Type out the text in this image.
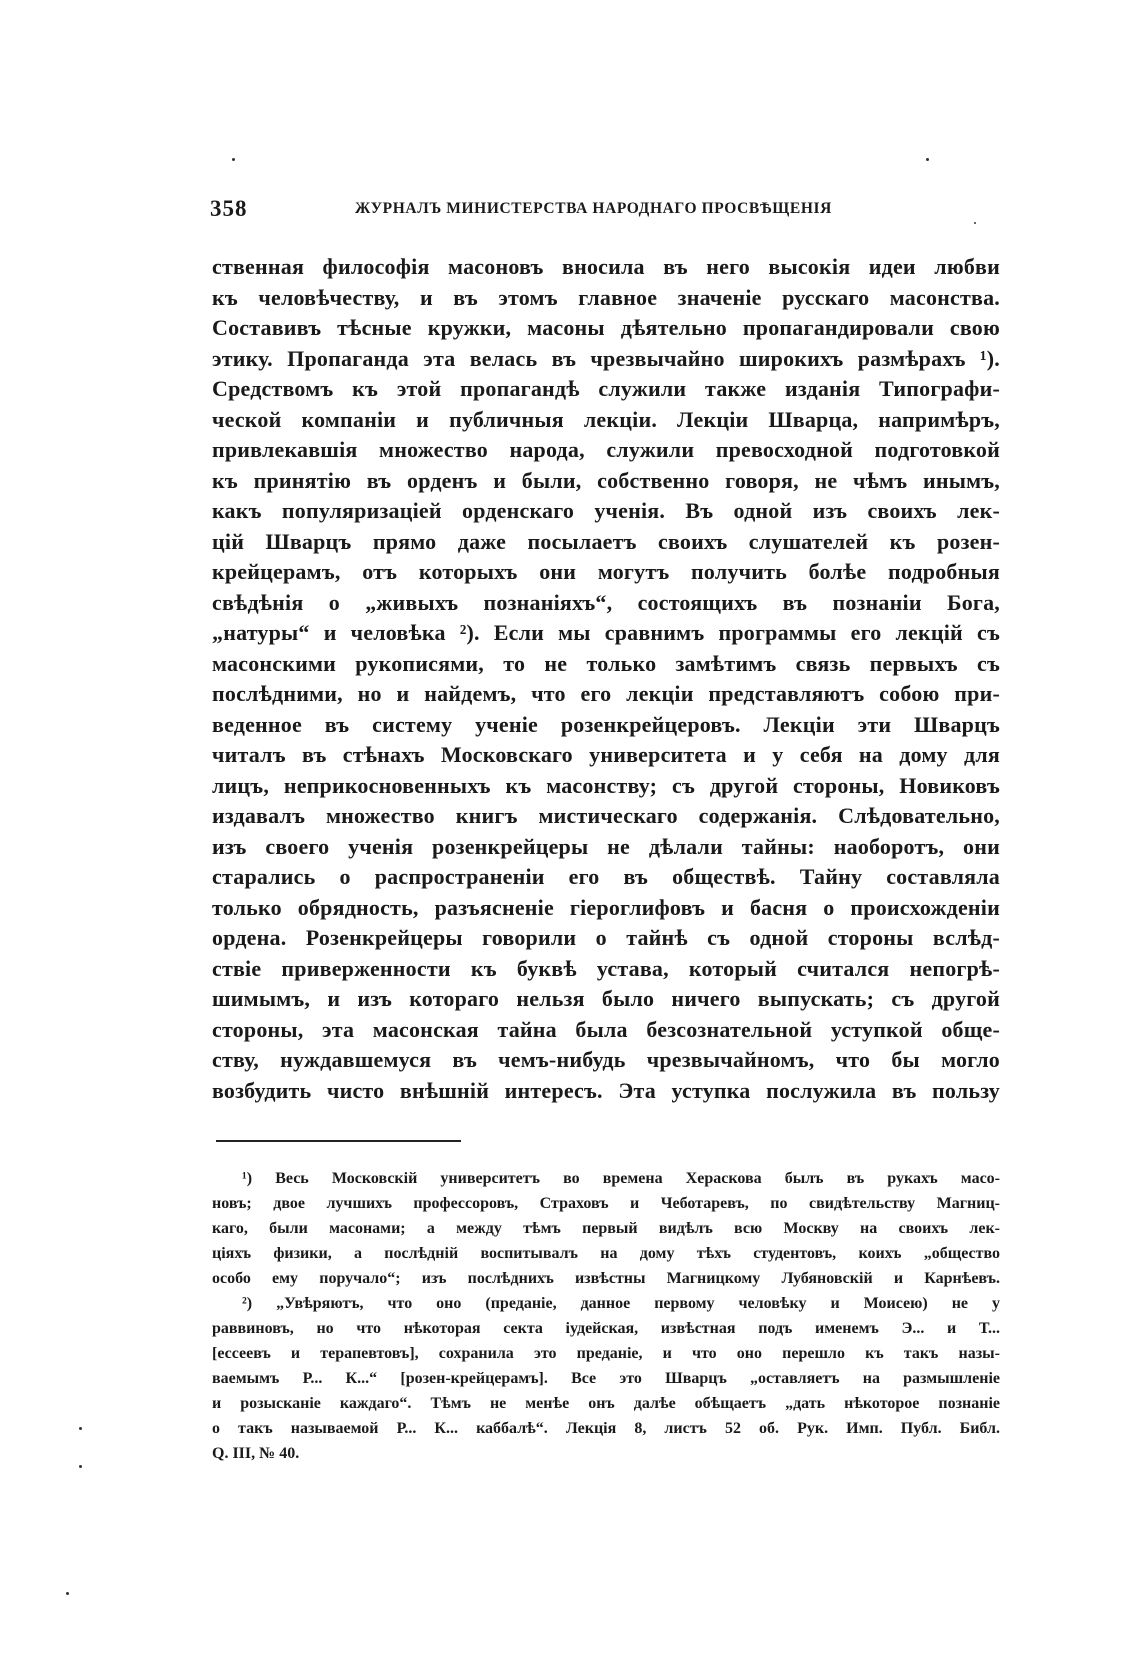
358	ЖУРНАЛЪ МИНИСТЕРСТВА НАРОДНАГО ПРОСВѢЩЕНІЯ
ственная философія масоновъ вносила въ него высокія идеи любви
къ человѣчеству, и въ этомъ главное значеніе русскаго масонства.
Составивъ тѣсные кружки, масоны дѣятельно пропагандировали свою
этику. Пропаганда эта велась въ чрезвычайно широкихъ размѣрахъ ¹).
Средствомъ къ этой пропагандѣ служили также изданія Типографи-
ческой компаніи и публичныя лекціи. Лекціи Шварца, напримѣръ,
привлекавшія множество народа, служили превосходной подготовкой
къ принятію въ орденъ и были, собственно говоря, не чѣмъ инымъ,
какъ популяризаціей орденскаго ученія. Въ одной изъ своихъ лек-
цій Шварцъ прямо даже посылаетъ своихъ слушателей къ розен-
крейцерамъ, отъ которыхъ они могутъ получить болѣе подробныя
свѣдѣнія о „живыхъ познаніяхъ“, состоящихъ въ познаніи Бога,
„натуры“ и человѣка ²). Если мы сравнимъ программы его лекцій съ
масонскими рукописями, то не только замѣтимъ связь первыхъ съ
послѣдними, но и найдемъ, что его лекціи представляютъ собою при-
веденное въ систему ученіе розенкрейцеровъ. Лекціи эти Шварцъ
читалъ въ стѣнахъ Московскаго университета и у себя на дому для
лицъ, неприкосновенныхъ къ масонству; съ другой стороны, Новиковъ
издавалъ множество книгъ мистическаго содержанія. Слѣдовательно,
изъ своего ученія розенкрейцеры не дѣлали тайны: наоборотъ, они
старались о распространеніи его въ обществѣ. Тайну составляла
только обрядность, разъясненіе гіероглифовъ и басня о происхожденіи
ордена. Розенкрейцеры говорили о тайнѣ съ одной стороны вслѣд-
ствіе приверженности къ буквѣ устава, который считался непогрѣ-
шимымъ, и изъ котораго нельзя было ничего выпускать; съ другой
стороны, эта масонская тайна была безсознательной уступкой обще-
ству, нуждавшемуся въ чемъ-нибудь чрезвычайномъ, что бы могло
возбудить чисто внѣшній интересъ. Эта уступка послужила въ пользу
¹) Весь Московскій университетъ во времена Хераскова былъ въ рукахъ масо-
новъ; двое лучшихъ профессоровъ, Страховъ и Чеботаревъ, по свидѣтельству Магниц-
каго, были масонами; а между тѣмъ первый видѣлъ всю Москву на своихъ лек-
ціяхъ физики, а послѣдній воспитывалъ на дому тѣхъ студентовъ, коихъ „общество
особо ему поручало“; изъ послѣднихъ извѣстны Магницкому Лубяновскій и Карнѣевъ.
²) „Увѣряютъ, что оно (преданіе, данное первому человѣку и Моисею) не у
раввиновъ, но что нѣкоторая секта іудейская, извѣстная подъ именемъ Э... и Т...
[ессеевъ и терапевтовъ], сохранила это преданіе, и что оно перешло къ такъ назы-
ваемымъ Р... К...“ [розен-крейцерамъ]. Все это Шварцъ „оставляетъ на размышленіе
и розысканіе каждаго“. Тѣмъ не менѣе онъ далѣе обѣщаетъ „дать нѣкоторое познаніе
о такъ называемой Р... К... каббалѣ“. Лекція 8, листъ 52 об. Рук. Имп. Публ. Библ.
Q. III, № 40.
